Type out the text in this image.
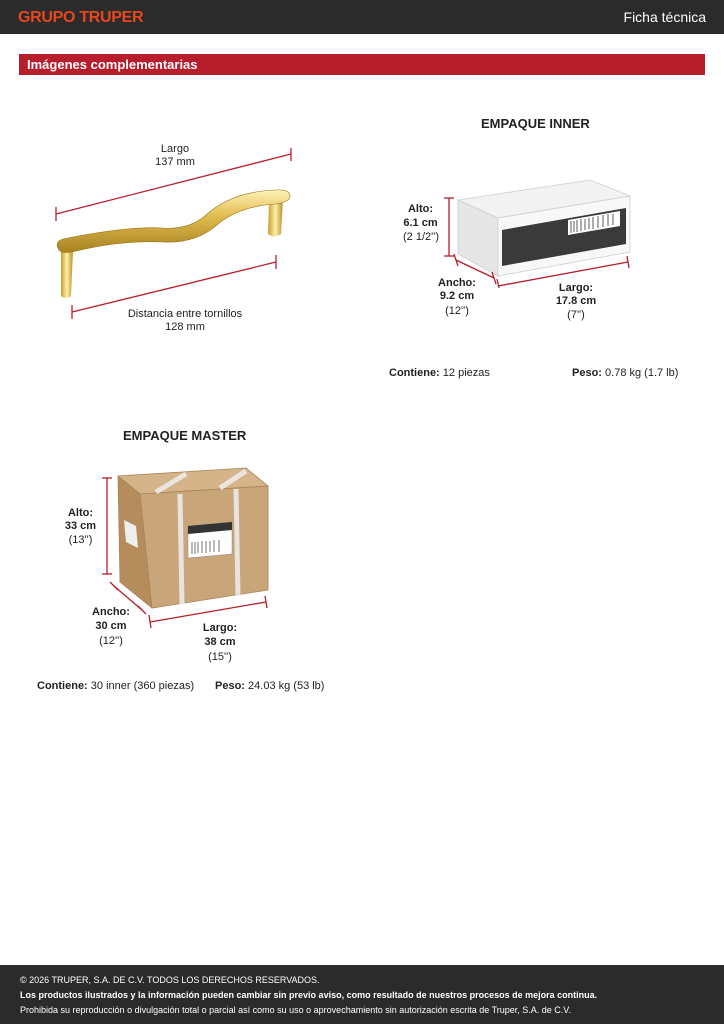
GRUPO TRUPER	Ficha técnica
Imágenes complementarias
Largo
137 mm
Distancia entre tornillos
128 mm
EMPAQUE INNER
Alto:
6.1 cm
(2 1/2'')
Ancho:
9.2 cm
(12'')
Largo:
17.8 cm
(7'')
Contiene: 12 piezas	Peso: 0.78 kg (1.7 lb)
EMPAQUE MASTER
Alto:
33 cm
(13'')
Ancho:
30 cm
(12'')
Largo:
38 cm
(15'')
Contiene: 30 inner (360 piezas) Peso: 24.03 kg (53 lb)
© 2026 TRUPER, S.A. DE C.V. TODOS LOS DERECHOS RESERVADOS.
Los productos ilustrados y la información pueden cambiar sin previo aviso, como resultado de nuestros procesos de mejora continua.
Prohibida su reproducción o divulgación total o parcial así como su uso o aprovechamiento sin autorización escrita de Truper, S.A. de C.V.
